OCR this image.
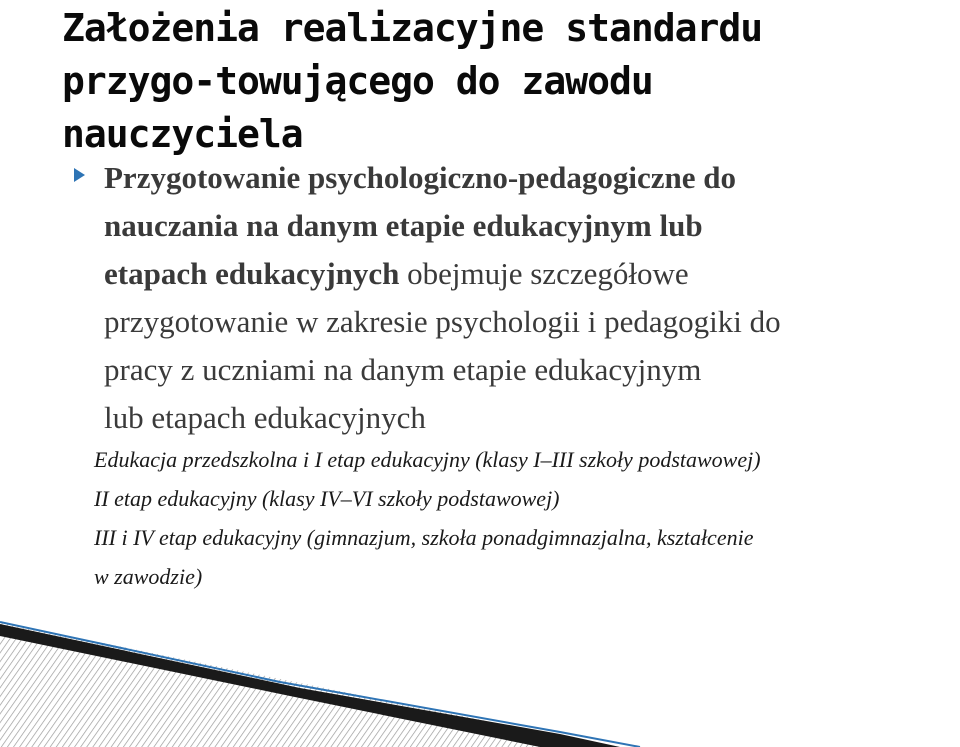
Założenia realizacyjne standardu
przygo-towującego do zawodu
nauczyciela
Przygotowanie psychologiczno-pedagogiczne do
nauczania na danym etapie edukacyjnym lub
etapach edukacyjnych obejmuje szczegółowe
przygotowanie w zakresie psychologii i pedagogiki do
pracy z uczniami na danym etapie edukacyjnym
lub etapach edukacyjnych
Edukacja przedszkolna i I etap edukacyjny (klasy I–III szkoły podstawowej)
II etap edukacyjny (klasy IV–VI szkoły podstawowej)
III i IV etap edukacyjny (gimnazjum, szkoła ponadgimnazjalna, kształcenie
w zawodzie)
